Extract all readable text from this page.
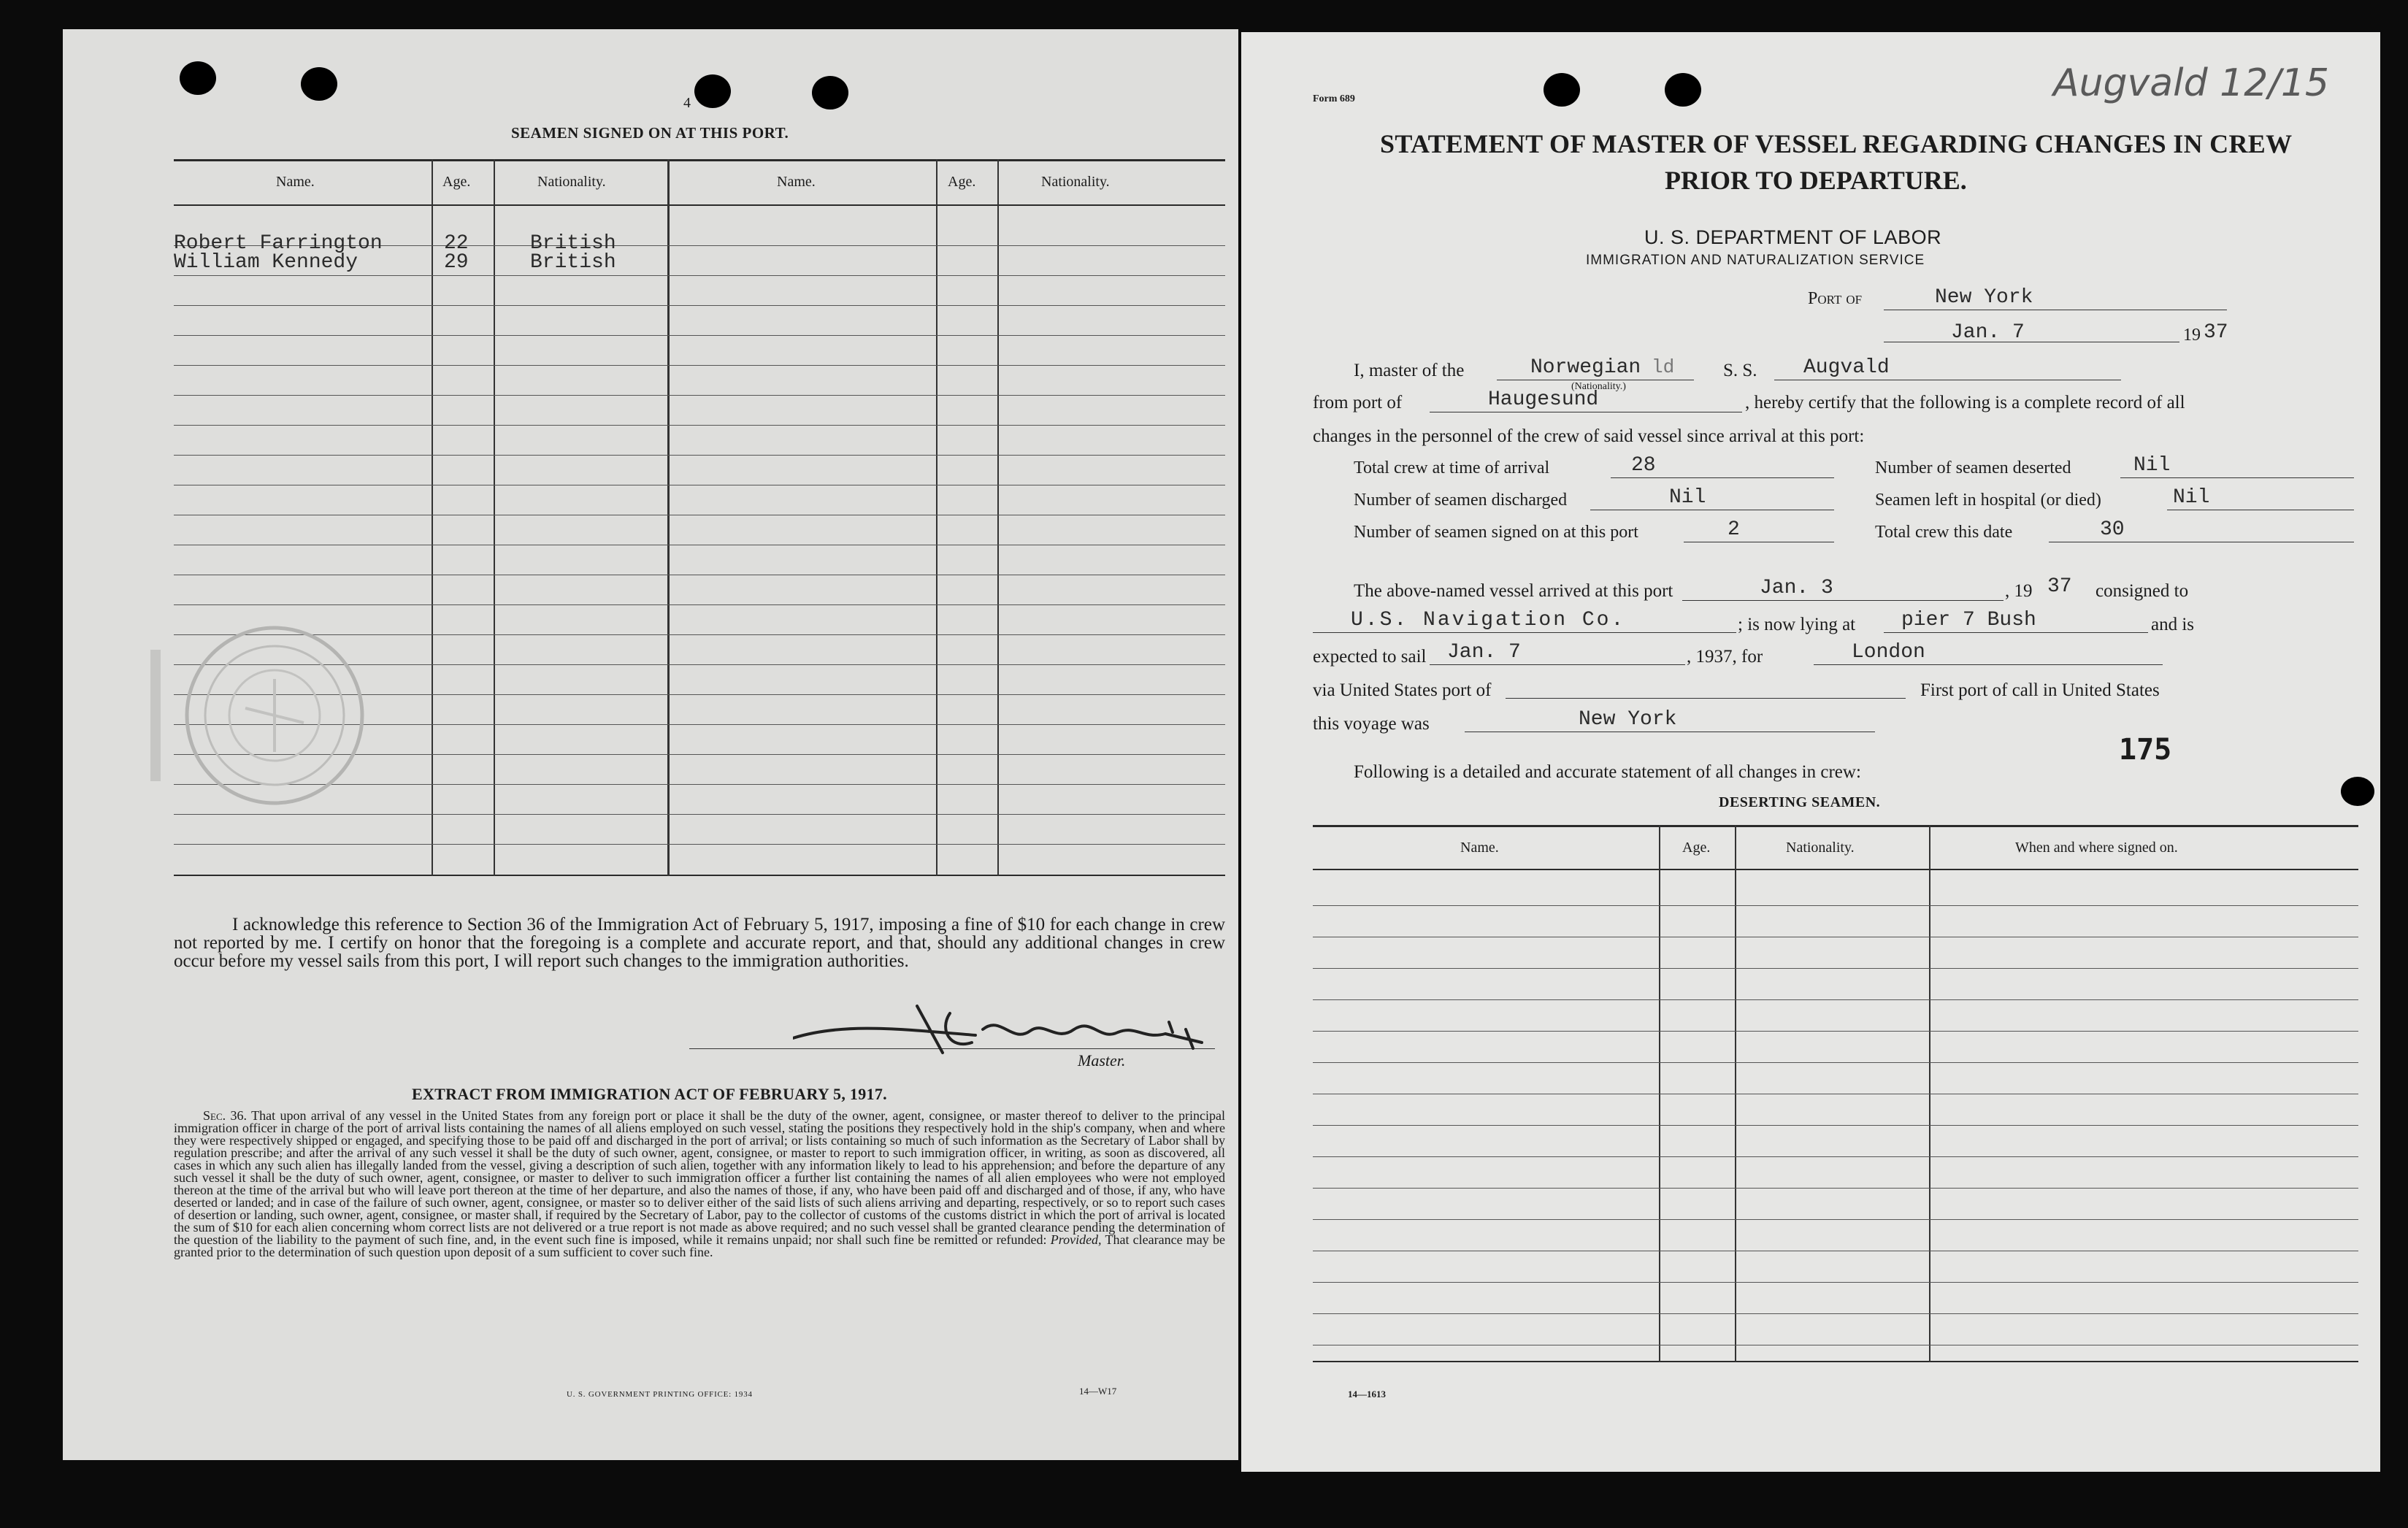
4
SEAMEN SIGNED ON AT THIS PORT.
Name.	Age.	Nationality.	Name.	Age.	Nationality.
Robert Farrington	22	British
William Kennedy	29	British

I acknowledge this reference to Section 36 of the Immigration Act of February 5, 1917, imposing a fine of $10 for each change in crew not reported by me. I certify on honor that the foregoing is a complete and accurate report, and that, should any additional changes in crew occur before my vessel sails from this port, I will report such changes to the immigration authorities.

Master.
EXTRACT FROM IMMIGRATION ACT OF FEBRUARY 5, 1917.

Sec. 36. That upon arrival of any vessel in the United States from any foreign port or place it shall be the duty of the owner, agent, consignee, or master thereof to deliver to the principal immigration officer in charge of the port of arrival lists containing the names of all aliens employed on such vessel, stating the positions they respectively hold in the ship's company, when and where they were respectively shipped or engaged, and specifying those to be paid off and discharged in the port of arrival; or lists containing so much of such information as the Secretary of Labor shall by regulation prescribe; and after the arrival of any such vessel it shall be the duty of such owner, agent, consignee, or master to report to such immigration officer, in writing, as soon as discovered, all cases in which any such alien has illegally landed from the vessel, giving a description of such alien, together with any information likely to lead to his apprehension; and before the departure of any such vessel it shall be the duty of such owner, agent, consignee, or master to deliver to such immigration officer a further list containing the names of all alien employees who were not employed thereon at the time of the arrival but who will leave port thereon at the time of her departure, and also the names of those, if any, who have been paid off and discharged and of those, if any, who have deserted or landed; and in case of the failure of such owner, agent, consignee, or master so to deliver either of the said lists of such aliens arriving and departing, respectively, or so to report such cases of desertion or landing, such owner, agent, consignee, or master shall, if required by the Secretary of Labor, pay to the collector of customs of the customs district in which the port of arrival is located the sum of $10 for each alien concerning whom correct lists are not delivered or a true report is not made as above required; and no such vessel shall be granted clearance pending the determination of the question of the liability to the payment of such fine, and, in the event such fine is imposed, while it remains unpaid; nor shall such fine be remitted or refunded: Provided, That clearance may be granted prior to the determination of such question upon deposit of a sum sufficient to cover such fine.

U. S. GOVERNMENT PRINTING OFFICE: 1934	14—W17
Form 689	Augvald 12/15
STATEMENT OF MASTER OF VESSEL REGARDING CHANGES IN CREW
PRIOR TO DEPARTURE.
U. S. DEPARTMENT OF LABOR
IMMIGRATION AND NATURALIZATION SERVICE
Port of	New York
Jan. 7	19 37
I, master of the	Norwegian ld
(Nationality.)
S. S. Augvald
from port of	Haugesund	, hereby certify that the following is a complete record of all
changes in the personnel of the crew of said vessel since arrival at this port:
Total crew at time of arrival	28	Number of seamen deserted	Nil
Number of seamen discharged	Nil	Seamen left in hospital (or died)	Nil
Number of seamen signed on at this port	2	Total crew this date	30
The above-named vessel arrived at this port	Jan. 3	, 19 37 consigned to
U.S. Navigation Co.	; is now lying at pier 7 Bush	and is
expected to sail Jan. 7	, 1937, for	London
via United States port of	First port of call in United States
this voyage was	New York
175
Following is a detailed and accurate statement of all changes in crew:
DESERTING SEAMEN.
Name.	Age.	Nationality.	When and where signed on.
14—1613
